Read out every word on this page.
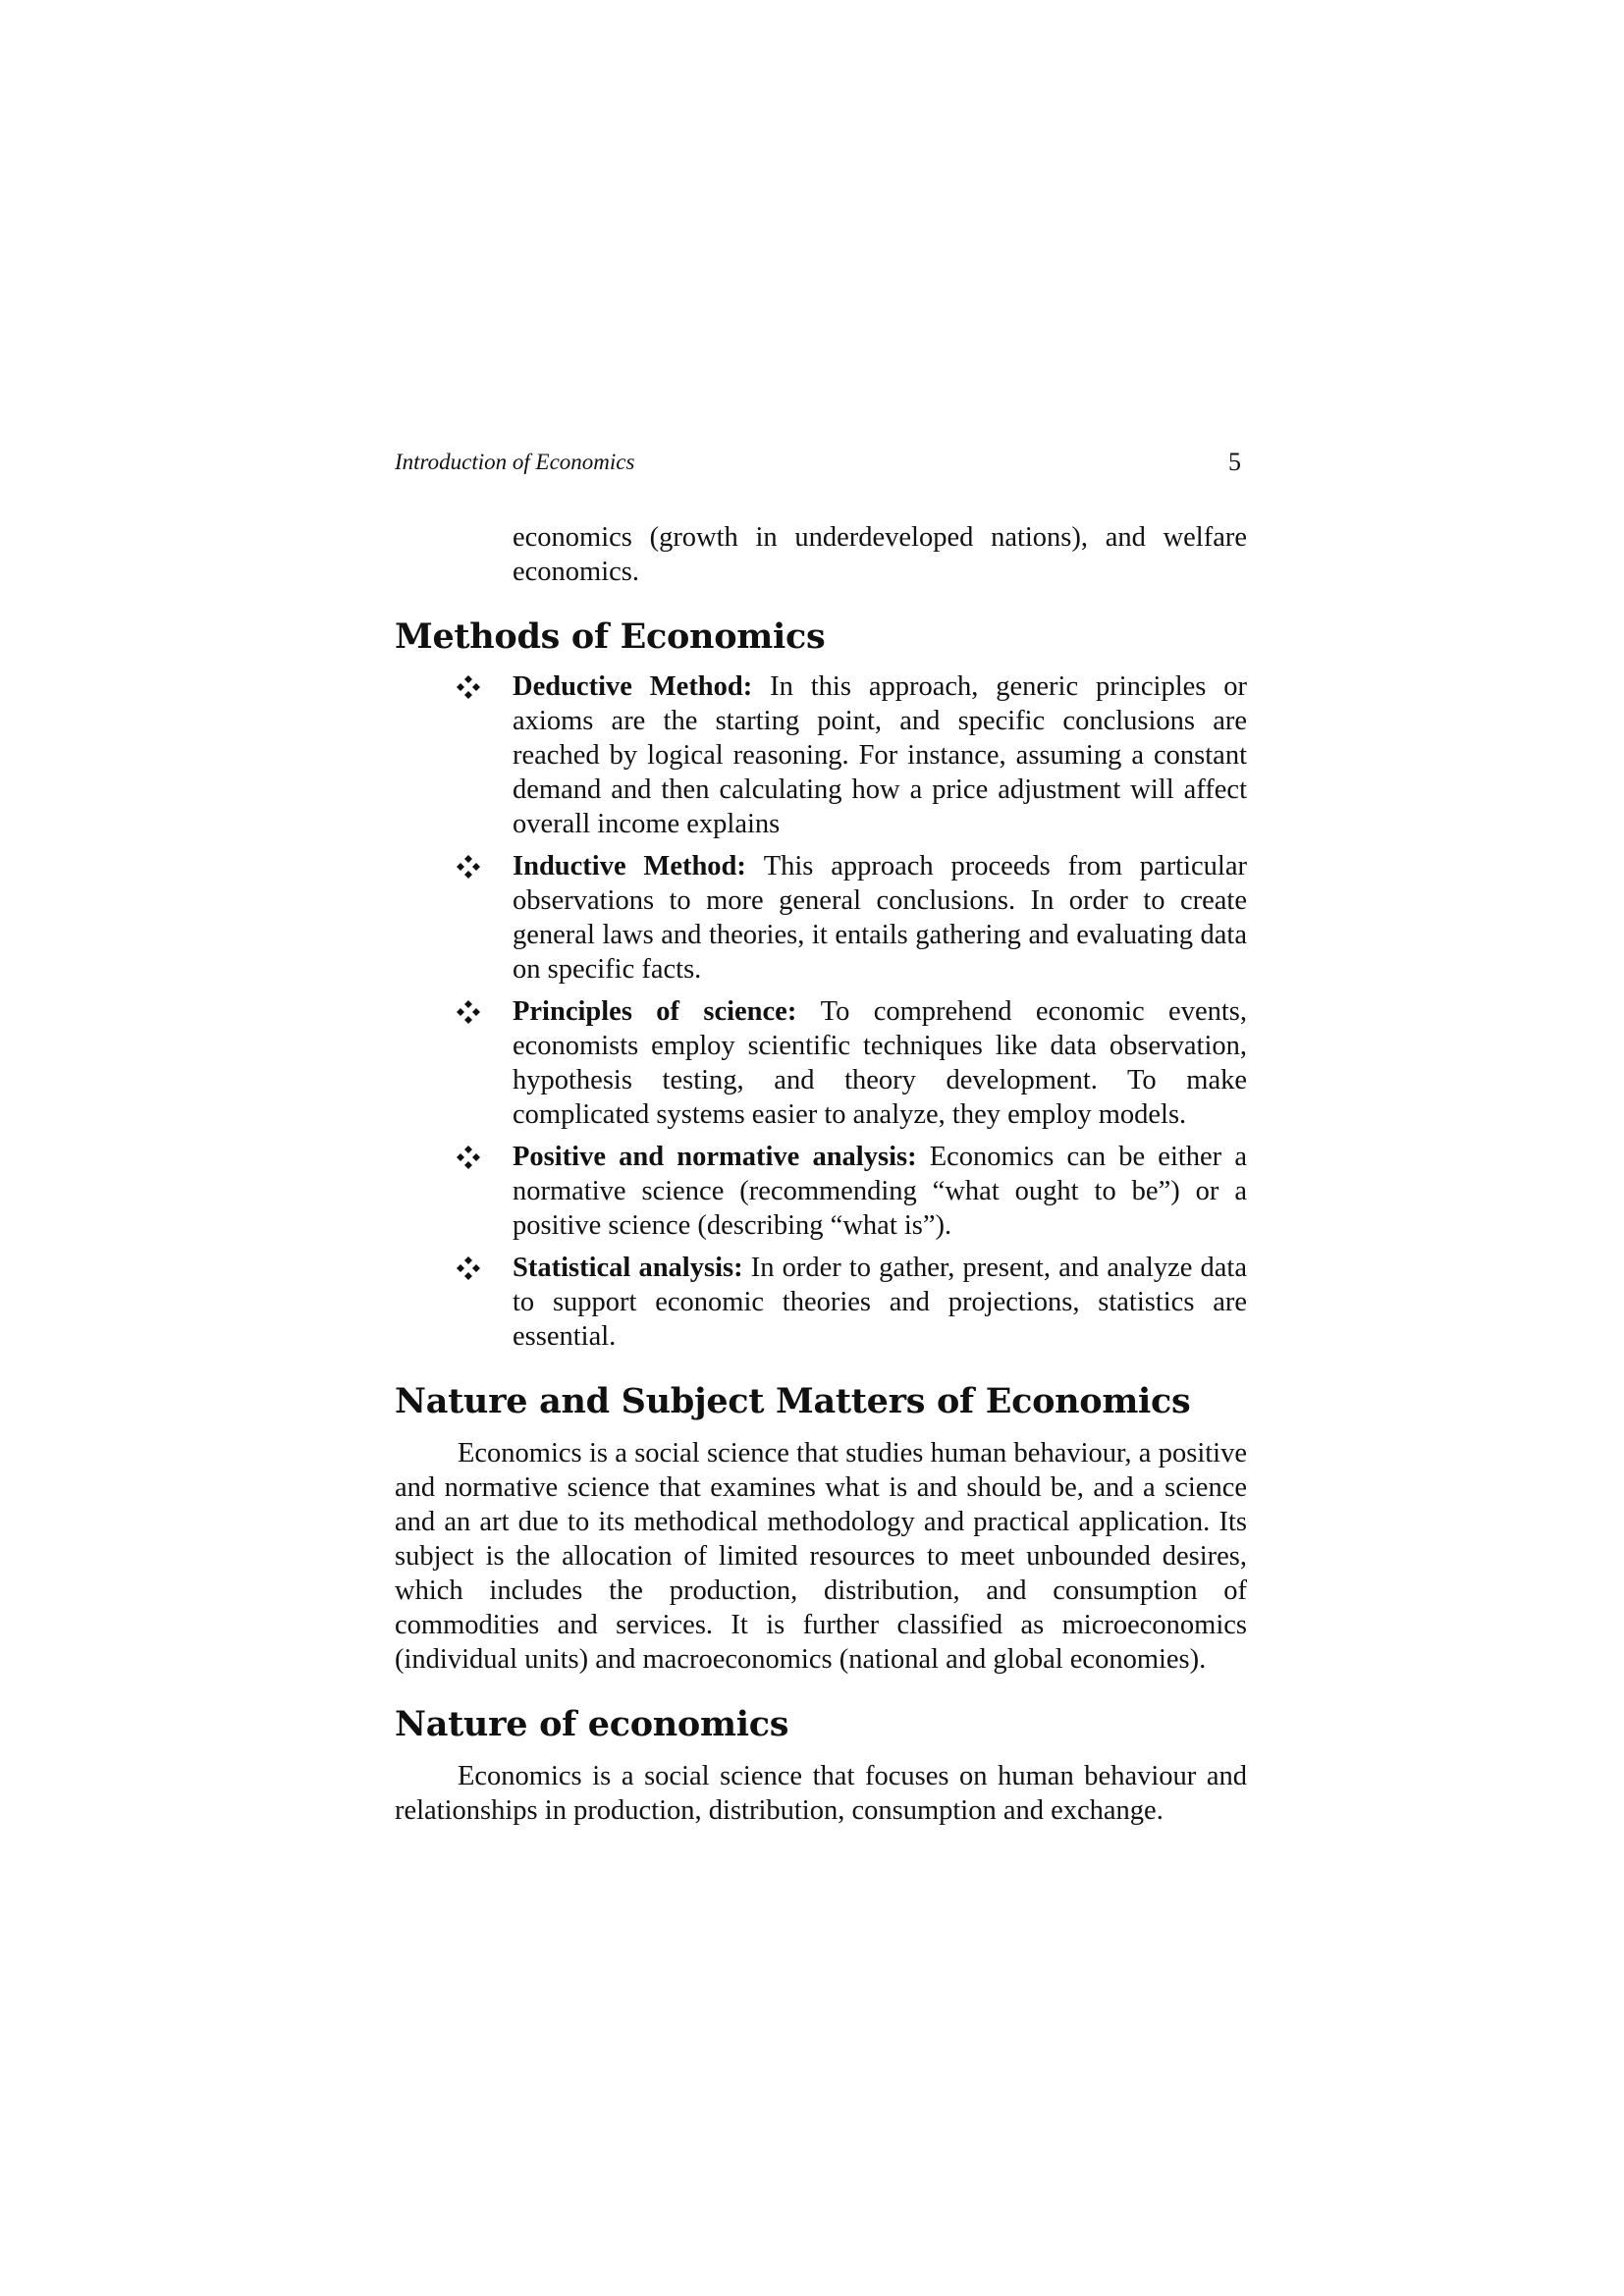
Introduction of Economics	5

economics (growth in underdeveloped nations), and welfare economics.

Methods of Economics
Deductive Method: In this approach, generic principles or axioms are the starting point, and specific conclusions are reached by logical reasoning. For instance, assuming a constant demand and then calculating how a price adjustment will affect overall income explains
Inductive Method: This approach proceeds from particular observations to more general conclusions. In order to create general laws and theories, it entails gathering and evaluating data on specific facts.
Principles of science: To comprehend economic events, economists employ scientific techniques like data observation, hypothesis testing, and theory development. To make complicated systems easier to analyze, they employ models.
Positive and normative analysis: Economics can be either a normative science (recommending “what ought to be”) or a positive science (describing “what is”).
Statistical analysis: In order to gather, present, and analyze data to support economic theories and projections, statistics are essential.
Nature and Subject Matters of Economics

Economics is a social science that studies human behaviour, a positive and normative science that examines what is and should be, and a science and an art due to its methodical methodology and practical application. Its subject is the allocation of limited resources to meet unbounded desires, which includes the production, distribution, and consumption of commodities and services. It is further classified as microeconomics (individual units) and macroeconomics (national and global economies).

Nature of economics

Economics is a social science that focuses on human behaviour and relationships in production, distribution, consumption and exchange.
